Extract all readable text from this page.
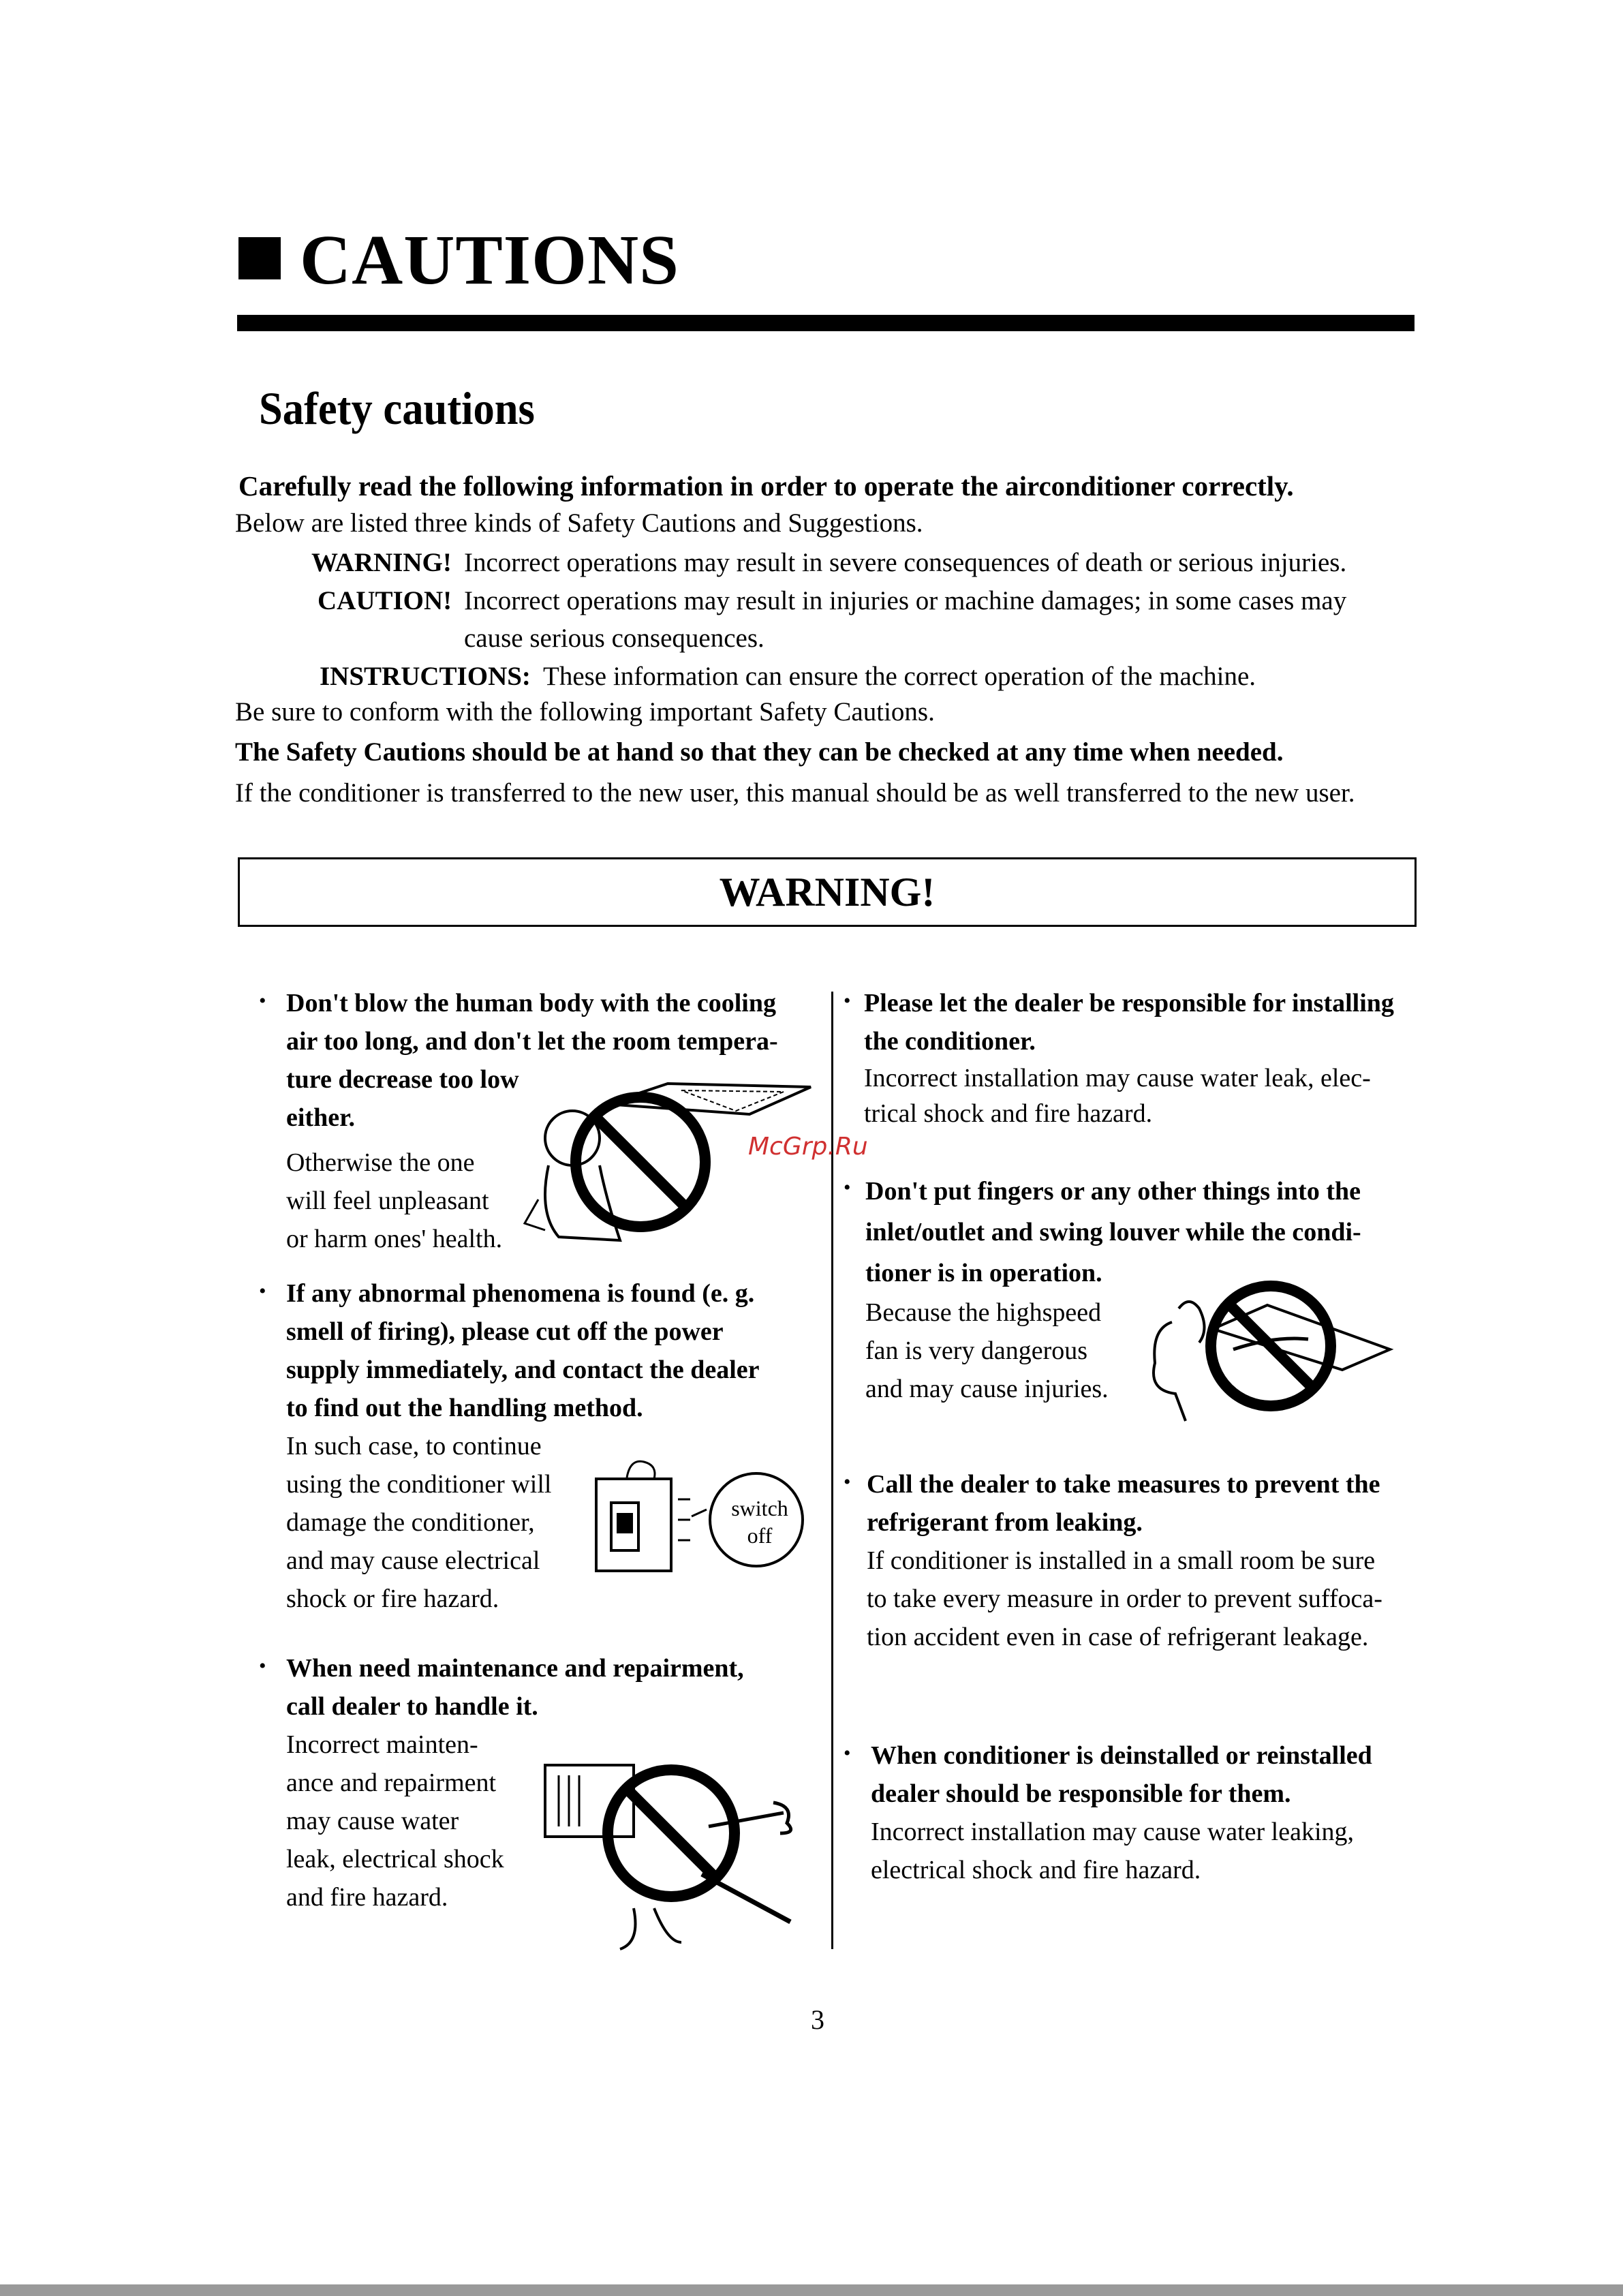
CAUTIONS
Safety cautions
Carefully read the following information in order to operate the airconditioner correctly.
Below are listed three kinds of Safety Cautions and Suggestions.
WARNING! Incorrect operations may result in severe consequences of death or serious injuries.
CAUTION! Incorrect operations may result in injuries or machine damages; in some cases may
cause serious consequences.
INSTRUCTIONS: These information can ensure the correct operation of the machine.
Be sure to conform with the following important Safety Cautions.
The Safety Cautions should be at hand so that they can be checked at any time when needed.
If the conditioner is transferred to the new user, this manual should be as well transferred to the new user.
WARNING!
• Don't blow the human body with the cooling
air too long, and don't let the room tempera-
ture decrease too low
either.
Otherwise the one
will feel unpleasant
or harm ones' health.
• If any abnormal phenomena is found (e. g.
smell of firing), please cut off the power
supply immediately, and contact the dealer
to find out the handling method.
In such case, to continue
using the conditioner will
damage the conditioner,
and may cause electrical
shock or fire hazard.
switch
off
• When need maintenance and repairment,
call dealer to handle it.
Incorrect mainten-
ance and repairment
may cause water
leak, electrical shock
and fire hazard.
• Please let the dealer be responsible for installing
the conditioner.
Incorrect installation may cause water leak, elec-
trical shock and fire hazard.
• Don't put fingers or any other things into the
inlet/outlet and swing louver while the condi-
tioner is in operation.
Because the highspeed
fan is very dangerous
and may cause injuries.
• Call the dealer to take measures to prevent the
refrigerant from leaking.
If conditioner is installed in a small room be sure
to take every measure in order to prevent suffoca-
tion accident even in case of refrigerant leakage.
• When conditioner is deinstalled or reinstalled
dealer should be responsible for them.
Incorrect installation may cause water leaking,
electrical shock and fire hazard.
McGrp.Ru
3
